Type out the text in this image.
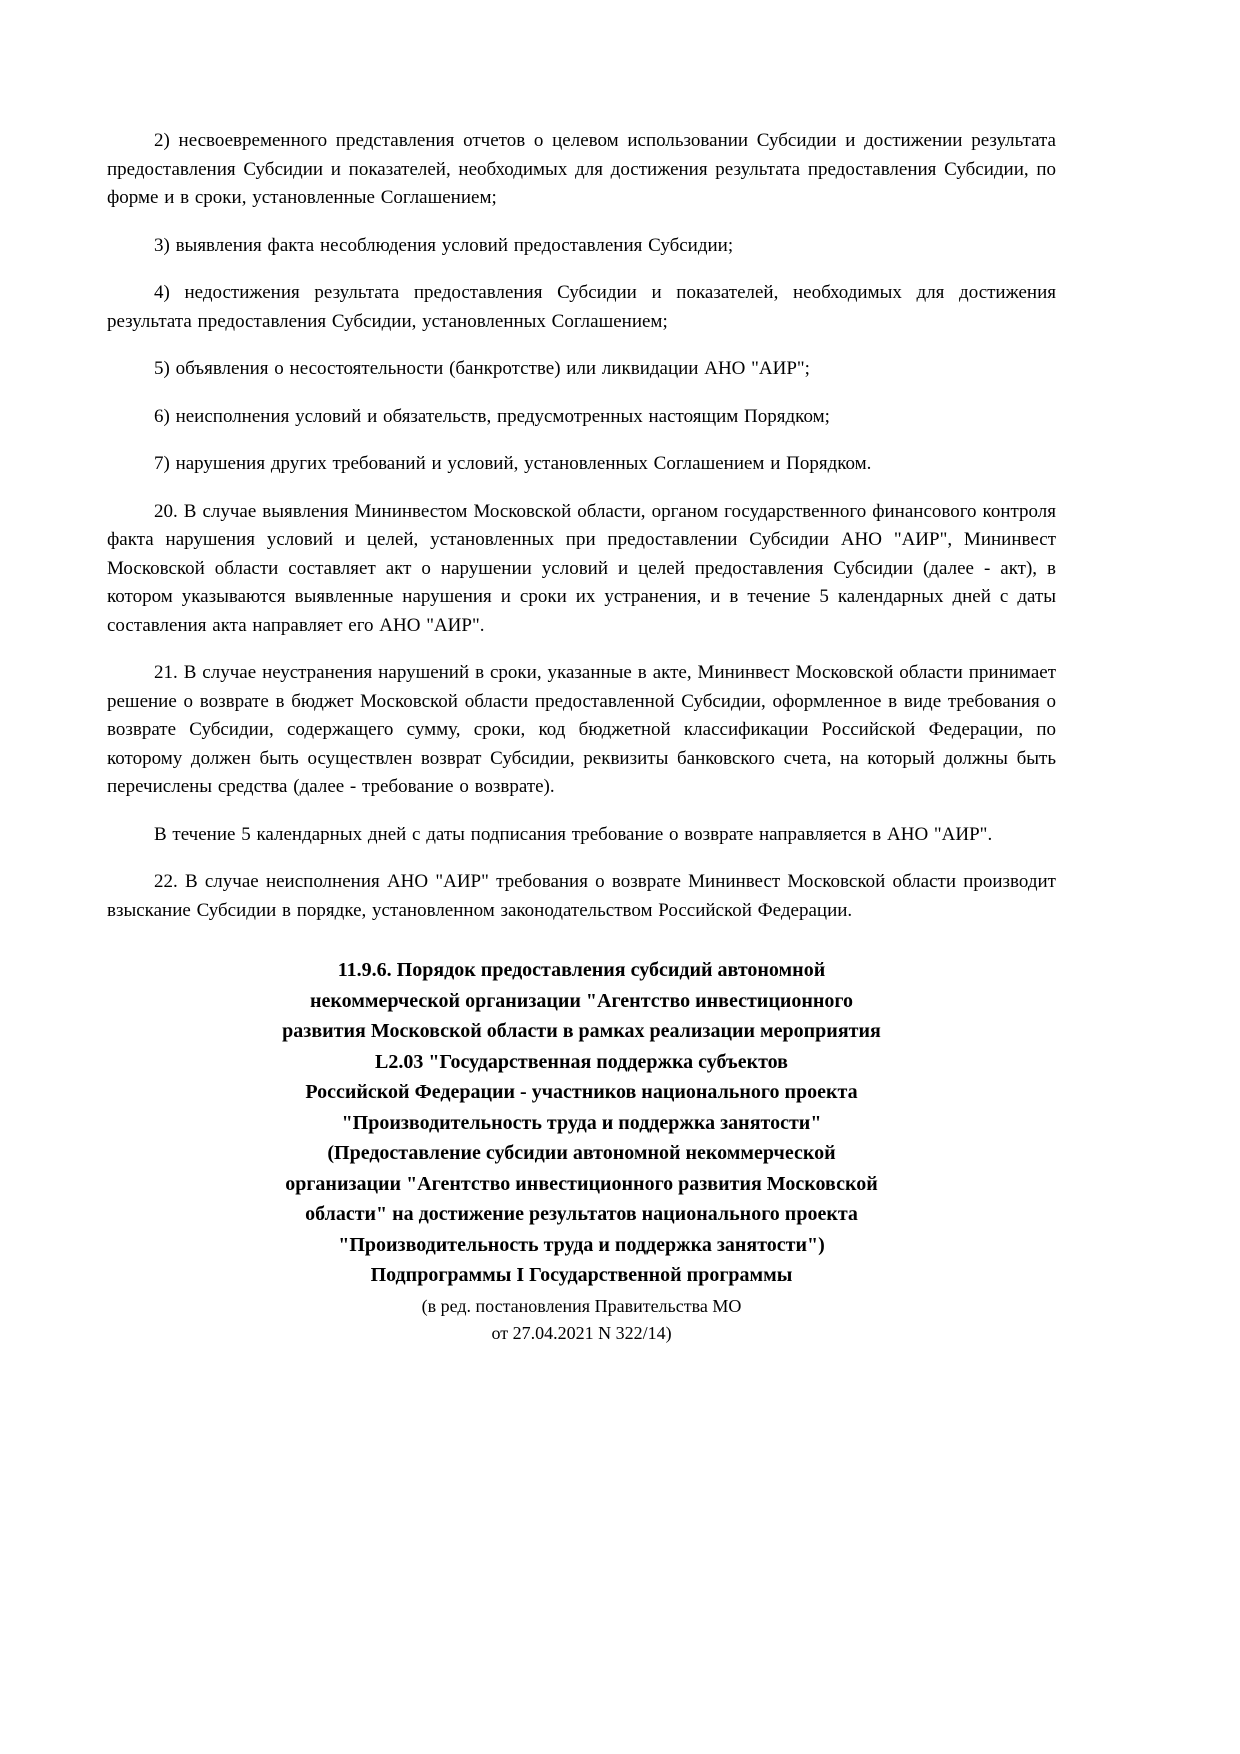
2) несвоевременного представления отчетов о целевом использовании Субсидии и достижении результата предоставления Субсидии и показателей, необходимых для достижения результата предоставления Субсидии, по форме и в сроки, установленные Соглашением;

3) выявления факта несоблюдения условий предоставления Субсидии;

4) недостижения результата предоставления Субсидии и показателей, необходимых для достижения результата предоставления Субсидии, установленных Соглашением;

5) объявления о несостоятельности (банкротстве) или ликвидации АНО "АИР";

6) неисполнения условий и обязательств, предусмотренных настоящим Порядком;

7) нарушения других требований и условий, установленных Соглашением и Порядком.

20. В случае выявления Мининвестом Московской области, органом государственного финансового контроля факта нарушения условий и целей, установленных при предоставлении Субсидии АНО "АИР", Мининвест Московской области составляет акт о нарушении условий и целей предоставления Субсидии (далее - акт), в котором указываются выявленные нарушения и сроки их устранения, и в течение 5 календарных дней с даты составления акта направляет его АНО "АИР".

21. В случае неустранения нарушений в сроки, указанные в акте, Мининвест Московской области принимает решение о возврате в бюджет Московской области предоставленной Субсидии, оформленное в виде требования о возврате Субсидии, содержащего сумму, сроки, код бюджетной классификации Российской Федерации, по которому должен быть осуществлен возврат Субсидии, реквизиты банковского счета, на который должны быть перечислены средства (далее - требование о возврате).

В течение 5 календарных дней с даты подписания требование о возврате направляется в АНО "АИР".

22. В случае неисполнения АНО "АИР" требования о возврате Мининвест Московской области производит взыскание Субсидии в порядке, установленном законодательством Российской Федерации.

11.9.6. Порядок предоставления субсидий автономной
некоммерческой организации "Агентство инвестиционного
развития Московской области в рамках реализации мероприятия
L2.03 "Государственная поддержка субъектов
Российской Федерации - участников национального проекта
"Производительность труда и поддержка занятости"
(Предоставление субсидии автономной некоммерческой
организации "Агентство инвестиционного развития Московской
области" на достижение результатов национального проекта
"Производительность труда и поддержка занятости")
Подпрограммы I Государственной программы
(в ред. постановления Правительства МО
от 27.04.2021 N 322/14)
